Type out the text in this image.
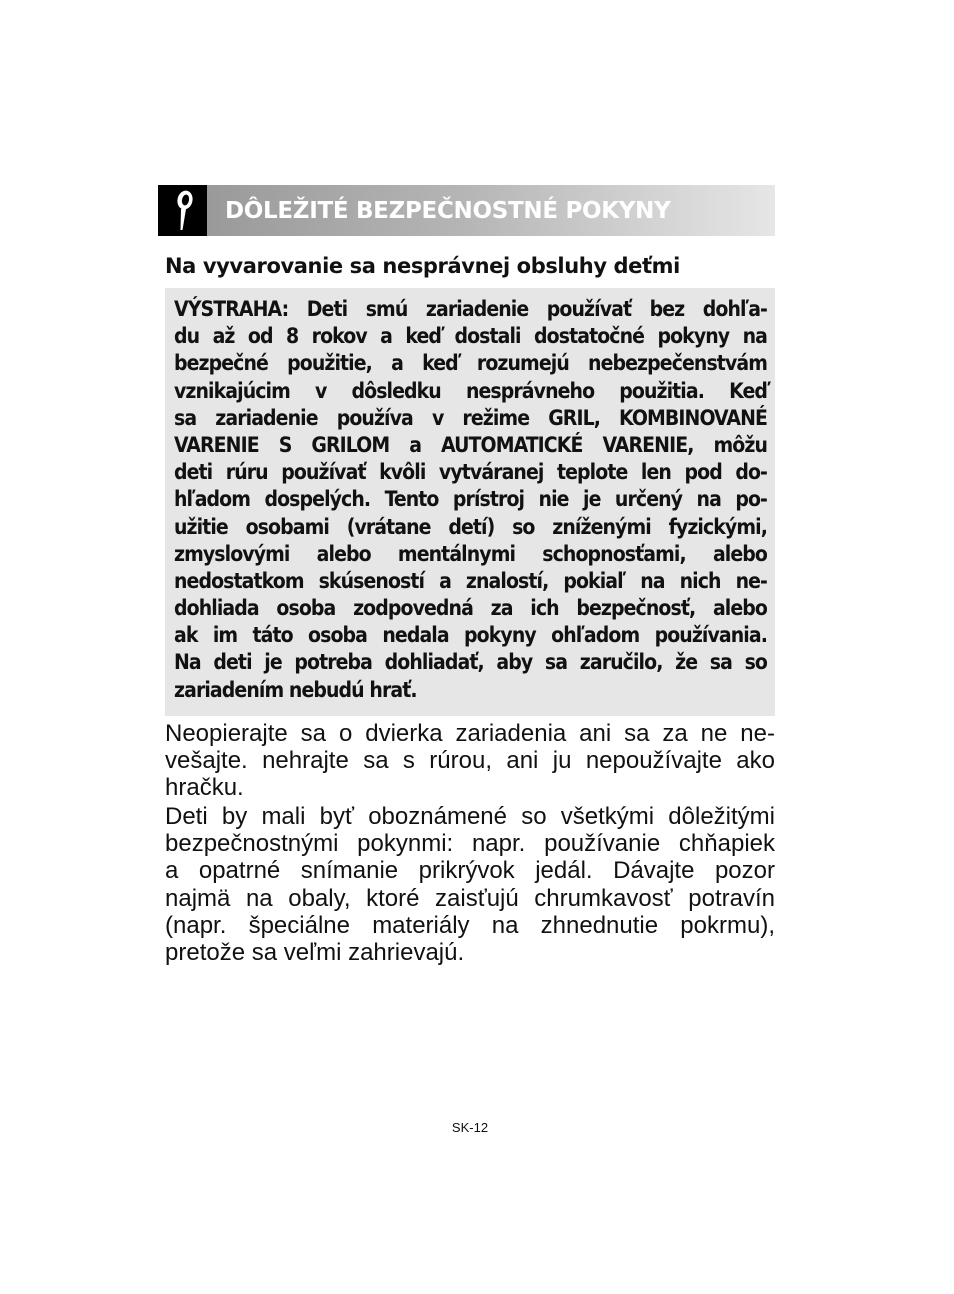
DÔLEŽITÉ BEZPEČNOSTNÉ POKYNY
Na vyvarovanie sa nesprávnej obsluhy deťmi
VÝSTRAHA: Deti smú zariadenie používať bez dohľa-
du až od 8 rokov a keď dostali dostatočné pokyny na
bezpečné použitie, a keď rozumejú nebezpečenstvám
vznikajúcim v dôsledku nesprávneho použitia. Keď
sa zariadenie používa v režime GRIL, KOMBINOVANÉ
VARENIE S GRILOM a AUTOMATICKÉ VARENIE, môžu
deti rúru používať kvôli vytváranej teplote len pod do-
hľadom dospelých. Tento prístroj nie je určený na po-
užitie osobami (vrátane detí) so zníženými fyzickými,
zmyslovými alebo mentálnymi schopnosťami, alebo
nedostatkom skúseností a znalostí, pokiaľ na nich ne-
dohliada osoba zodpovedná za ich bezpečnosť, alebo
ak im táto osoba nedala pokyny ohľadom používania.
Na deti je potreba dohliadať, aby sa zaručilo, že sa so
zariadením nebudú hrať.
Neopierajte sa o dvierka zariadenia ani sa za ne ne-
vešajte. nehrajte sa s rúrou, ani ju nepoužívajte ako
hračku.
Deti by mali byť oboznámené so všetkými dôležitými
bezpečnostnými pokynmi: napr. používanie chňapiek
a opatrné snímanie prikrývok jedál. Dávajte pozor
najmä na obaly, ktoré zaisťujú chrumkavosť potravín
(napr. špeciálne materiály na zhnednutie pokrmu),
pretože sa veľmi zahrievajú.
SK-12
